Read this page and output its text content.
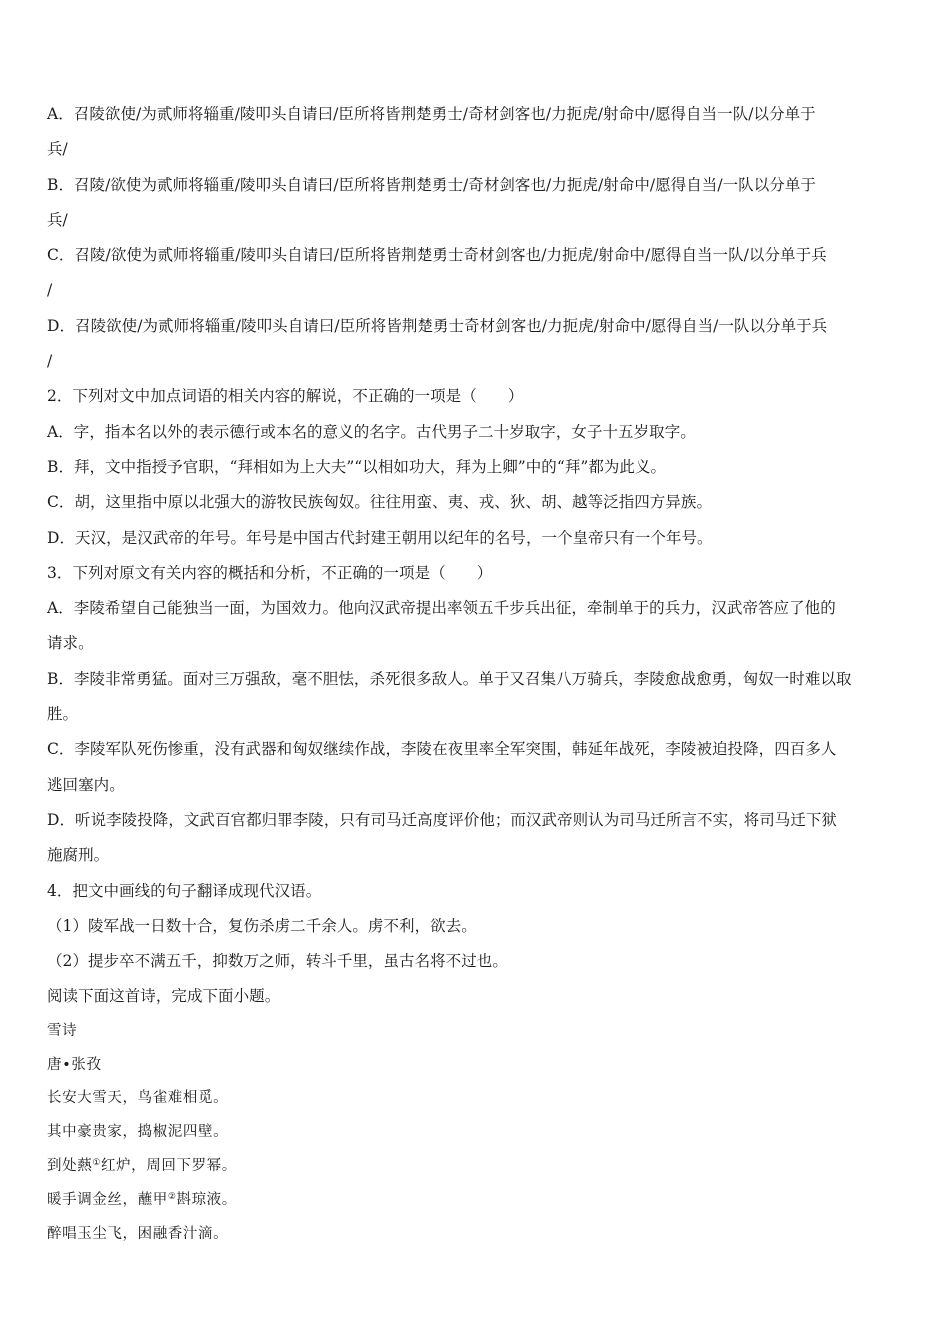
A．召陵欲使/为贰师将辎重/陵叩头自请曰/臣所将皆荆楚勇士/奇材剑客也/力扼虎/射命中/愿得自当一队/以分单于
兵/
B．召陵/欲使为贰师将辎重/陵叩头自请曰/臣所将皆荆楚勇士/奇材剑客也/力扼虎/射命中/愿得自当/一队以分单于
兵/
C．召陵/欲使为贰师将辎重/陵叩头自请曰/臣所将皆荆楚勇士奇材剑客也/力扼虎/射命中/愿得自当一队/以分单于兵
/
D．召陵欲使/为贰师将辎重/陵叩头自请曰/臣所将皆荆楚勇士奇材剑客也/力扼虎/射命中/愿得自当/一队以分单于兵
/
2．下列对文中加点词语的相关内容的解说，不正确的一项是（　　）
A．字，指本名以外的表示德行或本名的意义的名字。古代男子二十岁取字，女子十五岁取字。
B．拜，文中指授予官职，“拜相如为上大夫”“以相如功大，拜为上卿”中的“拜”都为此义。
C．胡，这里指中原以北强大的游牧民族匈奴。往往用蛮、夷、戎、狄、胡、越等泛指四方异族。
D．天汉，是汉武帝的年号。年号是中国古代封建王朝用以纪年的名号，一个皇帝只有一个年号。
3．下列对原文有关内容的概括和分析，不正确的一项是（　　）
A．李陵希望自己能独当一面，为国效力。他向汉武帝提出率领五千步兵出征，牵制单于的兵力，汉武帝答应了他的
请求。
B．李陵非常勇猛。面对三万强敌，毫不胆怯，杀死很多敌人。单于又召集八万骑兵，李陵愈战愈勇，匈奴一时难以取
胜。
C．李陵军队死伤惨重，没有武器和匈奴继续作战，李陵在夜里率全军突围，韩延年战死，李陵被迫投降，四百多人
逃回塞内。
D．听说李陵投降，文武百官都归罪李陵，只有司马迁高度评价他；而汉武帝则认为司马迁所言不实，将司马迁下狱
施腐刑。
4．把文中画线的句子翻译成现代汉语。
（1）陵军战一日数十合，复伤杀虏二千余人。虏不利，欲去。
（2）提步卒不满五千，抑数万之师，转斗千里，虽古名将不过也。
阅读下面这首诗，完成下面小题。
雪诗
唐•张孜
长安大雪天，鸟雀难相觅。
其中豪贵家，捣椒泥四壁。
到处爇①红炉，周回下罗幂。
暖手调金丝，蘸甲②斟琼液。
醉唱玉尘飞，困融香汁滴。
